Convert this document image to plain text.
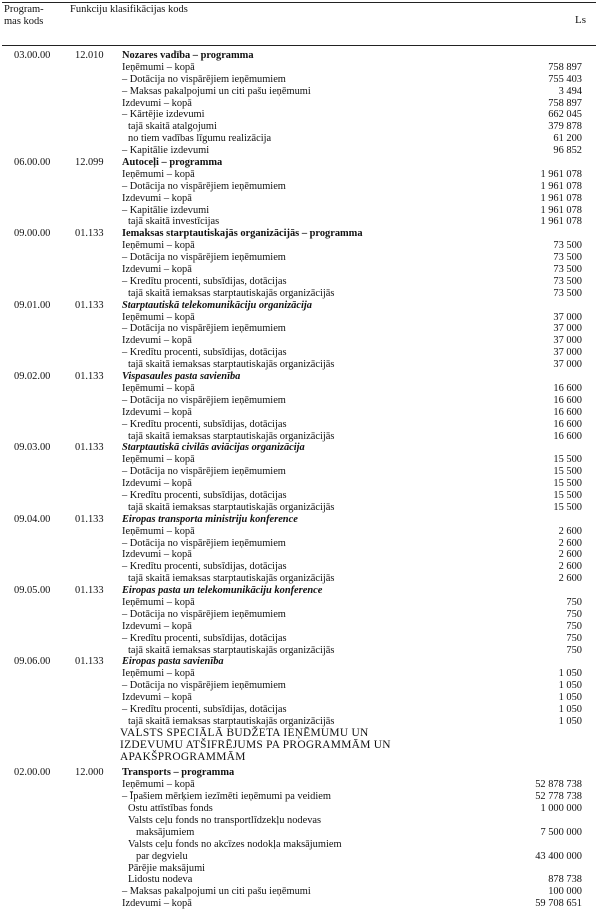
Program-
mas kods
Funkciju klasifikācijas kods
Ls
03.00.00 12.010 Nozares vadība – programma
Ieņēmumi – kopā	758 897
– Dotācija no vispārējiem ieņēmumiem	755 403
– Maksas pakalpojumi un citi pašu ieņēmumi	3 494
Izdevumi – kopā	758 897
– Kārtējie izdevumi	662 045
tajā skaitā atalgojumi	379 878
no tiem vadības līgumu realizācija	61 200
– Kapitālie izdevumi	96 852
06.00.00 12.099 Autoceļi – programma
Ieņēmumi – kopā	1 961 078
– Dotācija no vispārējiem ieņēmumiem	1 961 078
Izdevumi – kopā	1 961 078
– Kapitālie izdevumi	1 961 078
tajā skaitā investīcijas	1 961 078
09.00.00 01.133 Iemaksas starptautiskajās organizācijās – programma
Ieņēmumi – kopā	73 500
– Dotācija no vispārējiem ieņēmumiem	73 500
Izdevumi – kopā	73 500
– Kredītu procenti, subsīdijas, dotācijas	73 500
tajā skaitā iemaksas starptautiskajās organizācijās	73 500
09.01.00 01.133 Starptautiskā telekomunikāciju organizācija
Ieņēmumi – kopā	37 000
– Dotācija no vispārējiem ieņēmumiem	37 000
Izdevumi – kopā	37 000
– Kredītu procenti, subsīdijas, dotācijas	37 000
tajā skaitā iemaksas starptautiskajās organizācijās	37 000
09.02.00 01.133 Vispasaules pasta savienība
Ieņēmumi – kopā	16 600
– Dotācija no vispārējiem ieņēmumiem	16 600
Izdevumi – kopā	16 600
– Kredītu procenti, subsīdijas, dotācijas	16 600
tajā skaitā iemaksas starptautiskajās organizācijās	16 600
09.03.00 01.133 Starptautiskā civilās aviācijas organizācija
Ieņēmumi – kopā	15 500
– Dotācija no vispārējiem ieņēmumiem	15 500
Izdevumi – kopā	15 500
– Kredītu procenti, subsīdijas, dotācijas	15 500
tajā skaitā iemaksas starptautiskajās organizācijās	15 500
09.04.00 01.133 Eiropas transporta ministriju konference
Ieņēmumi – kopā	2 600
– Dotācija no vispārējiem ieņēmumiem	2 600
Izdevumi – kopā	2 600
– Kredītu procenti, subsīdijas, dotācijas	2 600
tajā skaitā iemaksas starptautiskajās organizācijās	2 600
09.05.00 01.133 Eiropas pasta un telekomunikāciju konference
Ieņēmumi – kopā	750
– Dotācija no vispārējiem ieņēmumiem	750
Izdevumi – kopā	750
– Kredītu procenti, subsīdijas, dotācijas	750
tajā skaitā iemaksas starptautiskajās organizācijās	750
09.06.00 01.133 Eiropas pasta savienība
Ieņēmumi – kopā	1 050
– Dotācija no vispārējiem ieņēmumiem	1 050
Izdevumi – kopā	1 050
– Kredītu procenti, subsīdijas, dotācijas	1 050
tajā skaitā iemaksas starptautiskajās organizācijās	1 050
VALSTS SPECIĀLĀ BUDŽETA IEŅĒMUMU UN
IZDEVUMU ATŠIFRĒJUMS PA PROGRAMMĀM UN
APAKŠPROGRAMMĀM
02.00.00 12.000 Transports – programma
Ieņēmumi – kopā	52 878 738
– Īpašiem mērķiem iezīmēti ieņēmumi pa veidiem	52 778 738
Ostu attīstības fonds	1 000 000
Valsts ceļu fonds no transportlīdzekļu nodevas
maksājumiem	7 500 000
Valsts ceļu fonds no akcīzes nodokļa maksājumiem
par degvielu	43 400 000
Pārējie maksājumi
Lidostu nodeva	878 738
– Maksas pakalpojumi un citi pašu ieņēmumi	100 000
Izdevumi – kopā	59 708 651
